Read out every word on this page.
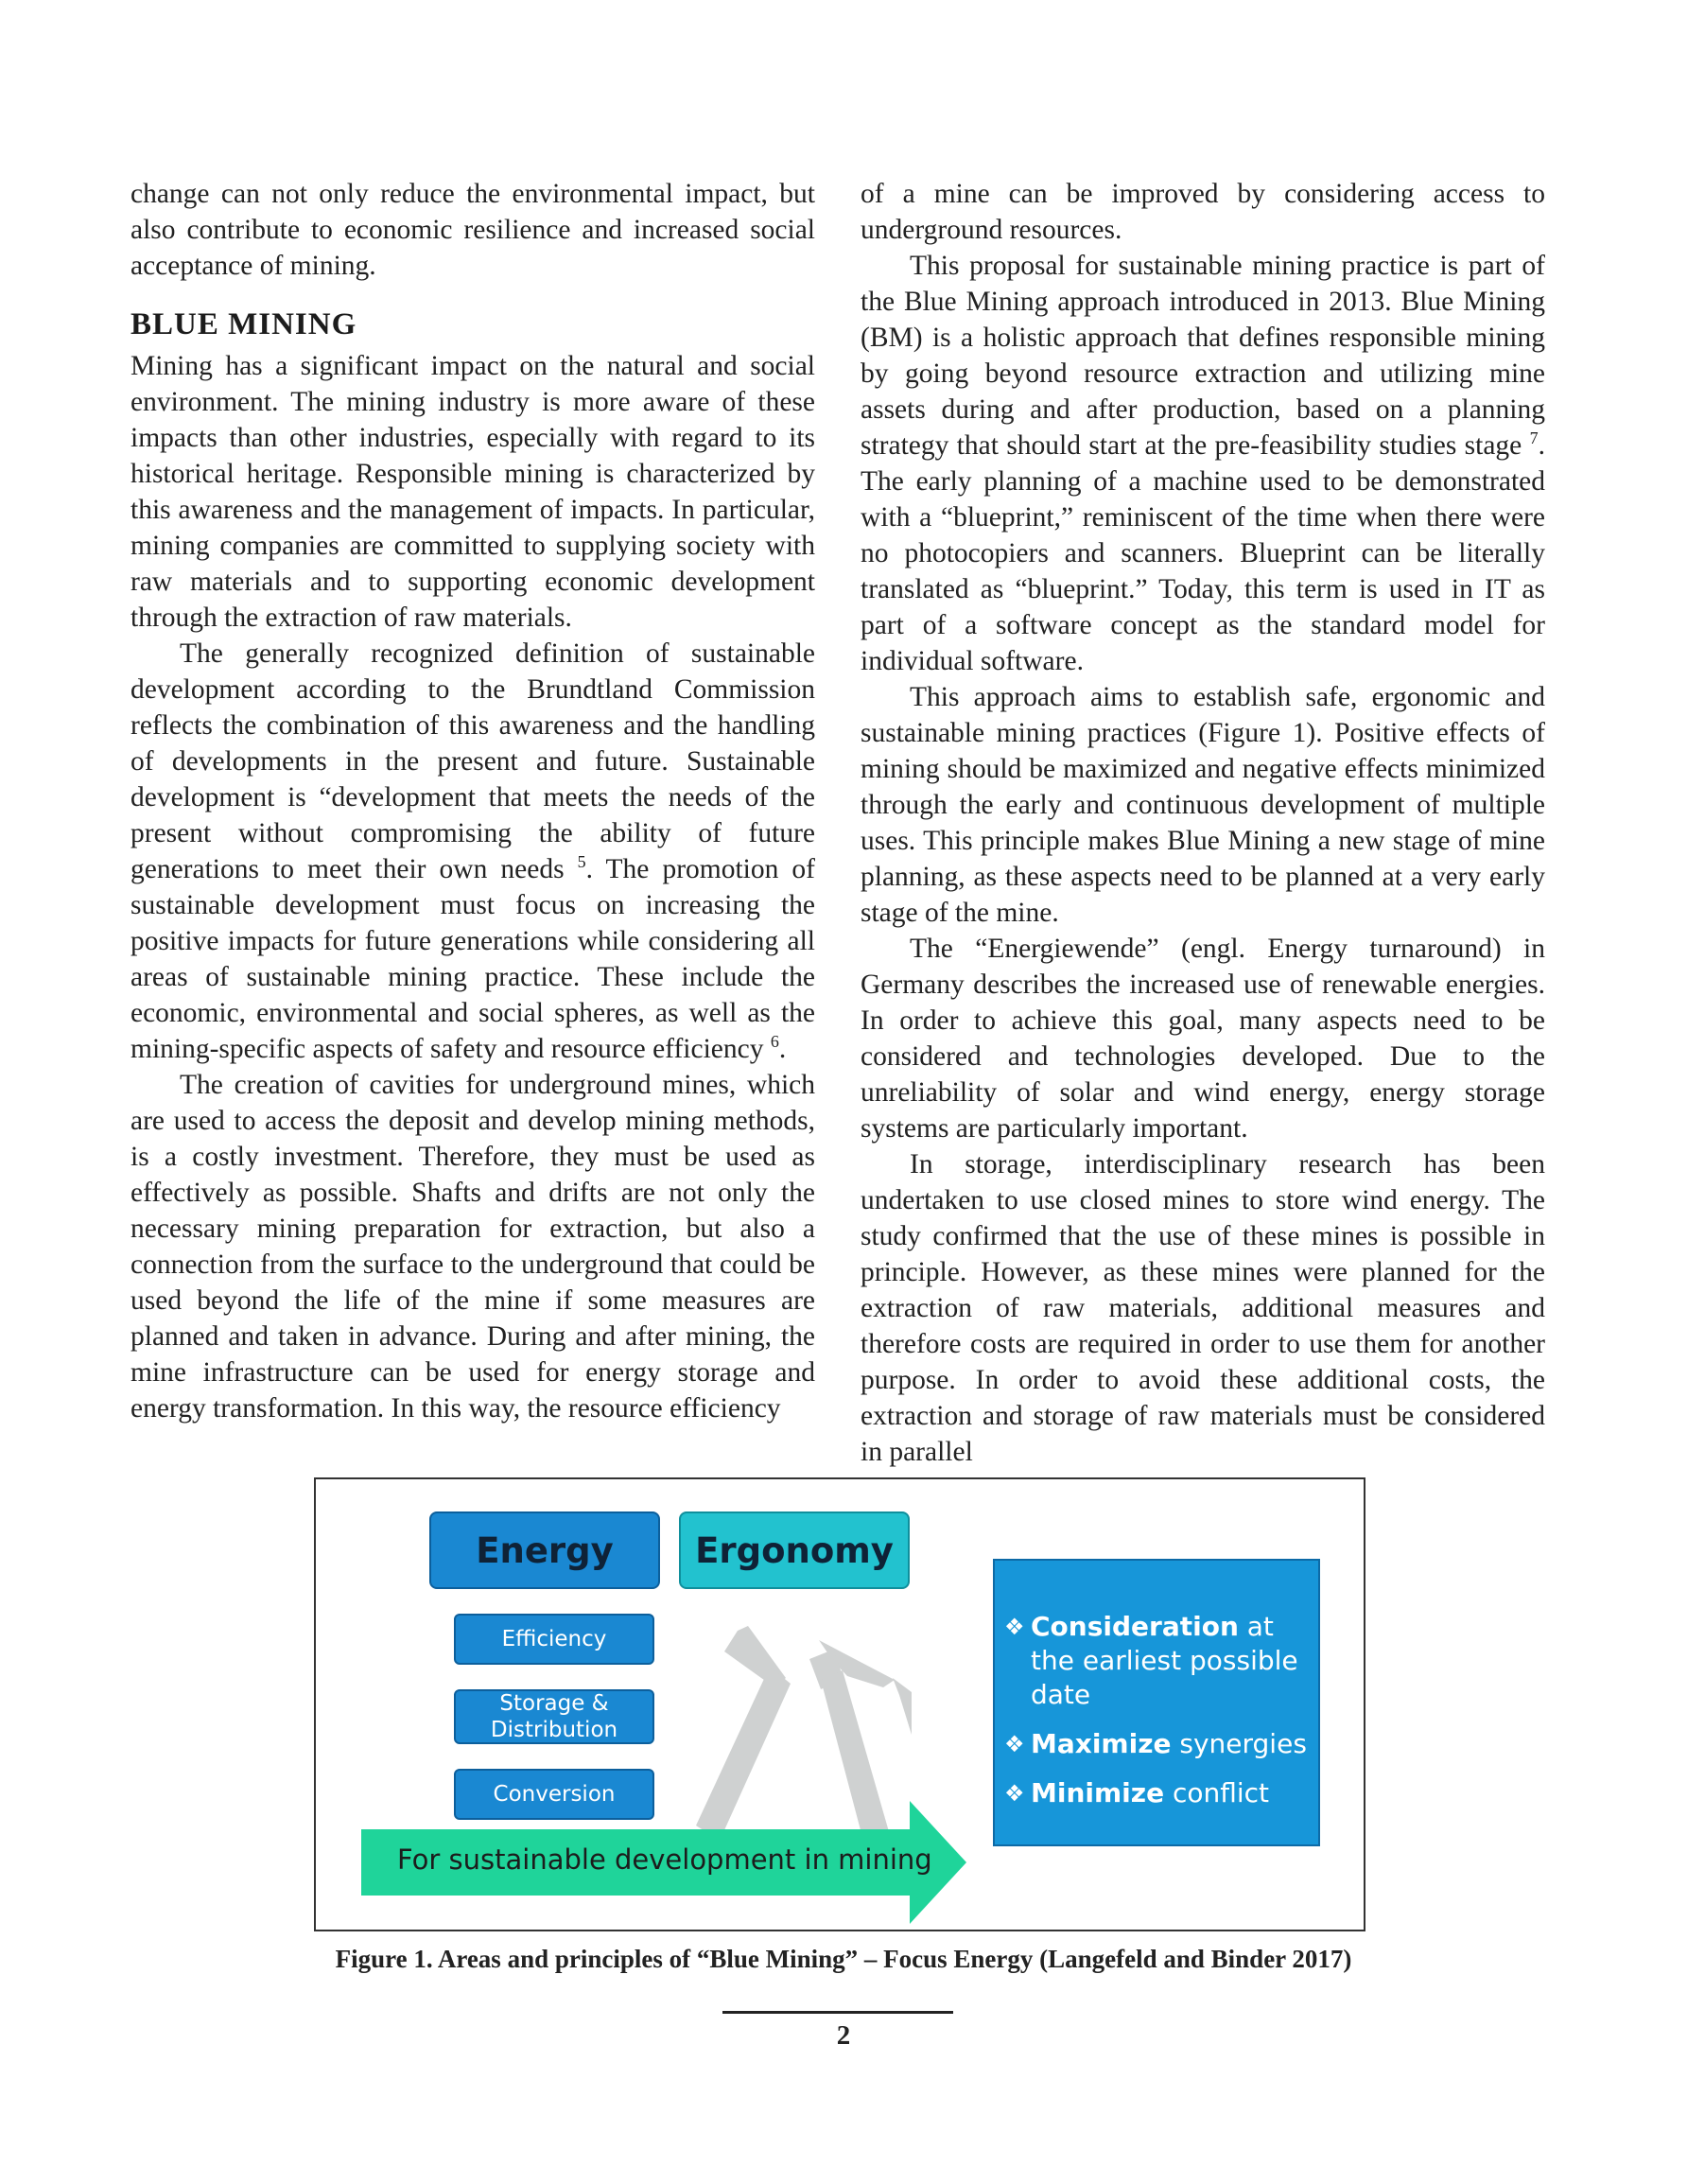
change can not only reduce the environmental impact, but also contribute to economic resilience and increased social acceptance of mining.

BLUE MINING

Mining has a significant impact on the natural and social environment. The mining industry is more aware of these impacts than other industries, especially with regard to its historical heritage. Responsible mining is characterized by this awareness and the management of impacts. In particular, mining companies are committed to supplying society with raw materials and to supporting economic development through the extraction of raw materials.

The generally recognized definition of sustainable development according to the Brundtland Commission reflects the combination of this awareness and the handling of developments in the present and future. Sustainable development is “development that meets the needs of the present without compromising the ability of future generations to meet their own needs $^5$. The promotion of sustainable development must focus on increasing the positive impacts for future generations while considering all areas of sustainable mining practice. These include the economic, environmental and social spheres, as well as the mining-specific aspects of safety and resource efficiency $^6$.

The creation of cavities for underground mines, which are used to access the deposit and develop mining methods, is a costly investment. Therefore, they must be used as effectively as possible. Shafts and drifts are not only the necessary mining preparation for extraction, but also a connection from the surface to the underground that could be used beyond the life of the mine if some measures are planned and taken in advance. During and after mining, the mine infrastructure can be used for energy storage and energy transformation. In this way, the resource efficiency

of a mine can be improved by considering access to underground resources.

This proposal for sustainable mining practice is part of the Blue Mining approach introduced in 2013. Blue Mining (BM) is a holistic approach that defines responsible mining by going beyond resource extraction and utilizing mine assets during and after production, based on a planning strategy that should start at the pre-feasibility studies stage $^7$. The early planning of a machine used to be demonstrated with a “blueprint,” reminiscent of the time when there were no photocopiers and scanners. Blueprint can be literally translated as “blueprint.” Today, this term is used in IT as part of a software concept as the standard model for individual software.

This approach aims to establish safe, ergonomic and sustainable mining practices (Figure 1). Positive effects of mining should be maximized and negative effects minimized through the early and continuous development of multiple uses. This principle makes Blue Mining a new stage of mine planning, as these aspects need to be planned at a very early stage of the mine.

The “Energiewende” (engl. Energy turnaround) in Germany describes the increased use of renewable energies. In order to achieve this goal, many aspects need to be considered and technologies developed. Due to the unreliability of solar and wind energy, energy storage systems are particularly important.

In storage, interdisciplinary research has been undertaken to use closed mines to store wind energy. The study confirmed that the use of these mines is possible in principle. However, as these mines were planned for the extraction of raw materials, additional measures and therefore costs are required in order to use them for another purpose. In order to avoid these additional costs, the extraction and storage of raw materials must be considered in parallel

Energy	Ergonomy
Efficiency
Storage & Distribution
Conversion
For sustainable development in mining
❖ Consideration at the earliest possible date
❖ Maximize synergies
❖ Minimize conflict
Figure 1. Areas and principles of “Blue Mining” – Focus Energy (Langefeld and Binder 2017)
2
